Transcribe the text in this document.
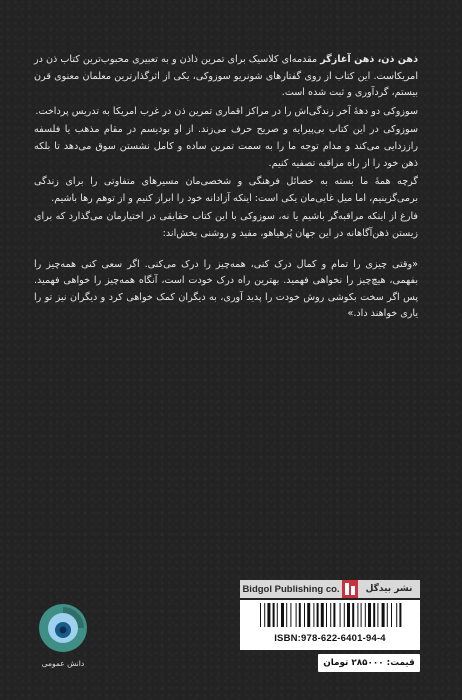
ذهن ذن، ذهن آغازگر مقدمه‌ای کلاسیک برای تمرین ذاذن و به تعبیری محبوب‌ترین کتاب ذن در امریکاست. این کتاب از روی گفتارهای شونریو سوزوکی، یکی از اثرگذارترین معلمان معنوی قرن بیستم، گردآوری و ثبت شده است.

سوزوکی دو دهۀ آخر زندگی‌اش را در مراکز اقماری تمرین ذن در غرب امریکا به تدریس پرداخت.

سوزوکی در این کتاب بی‌پیرایه و صریح حرف می‌زند. از او بودیسم در مقام مذهب یا فلسفه راززدایی می‌کند و مدام توجه ما را به سمت تمرین ساده و کامل نشستن سوق می‌دهد تا بلکه ذهن خود را از راه مراقبه تصفیه کنیم.

گرچه همۀ ما بسته به خصائل فرهنگی و شخصی‌مان مسیرهای متفاوتی را برای زندگی برمی‌گزینیم، اما میل غایی‌مان یکی است: اینکه آزادانه خود را ابراز کنیم و از توهم رها باشیم.

فارغ از اینکه مراقبه‌گر باشیم یا نه، سوزوکی با این کتاب حقایقی در اختیارمان می‌گذارد که برای زیستن ذهن‌آگاهانه در این جهان پُرهیاهو، مفید و روشنی بخش‌اند:

«وقتی چیزی را تمام و کمال درک کنی، همه‌چیز را درک می‌کنی. اگر سعی کنی همه‌چیز را بفهمی، هیچ‌چیز را نخواهی فهمید. بهترین راه درک خودت است، آنگاه همه‌چیز را خواهی فهمید. پس اگر سخت بکوشی روش خودت را پدید آوری، به دیگران کمک خواهی کرد و دیگران نیز تو را یاری خواهند داد.»

Bidgol Publishing co.	نشر بیدگل
ISBN:978-622-6401-94-4
قیمت: ۲۸۵۰۰۰ تومان
دانش عمومی
